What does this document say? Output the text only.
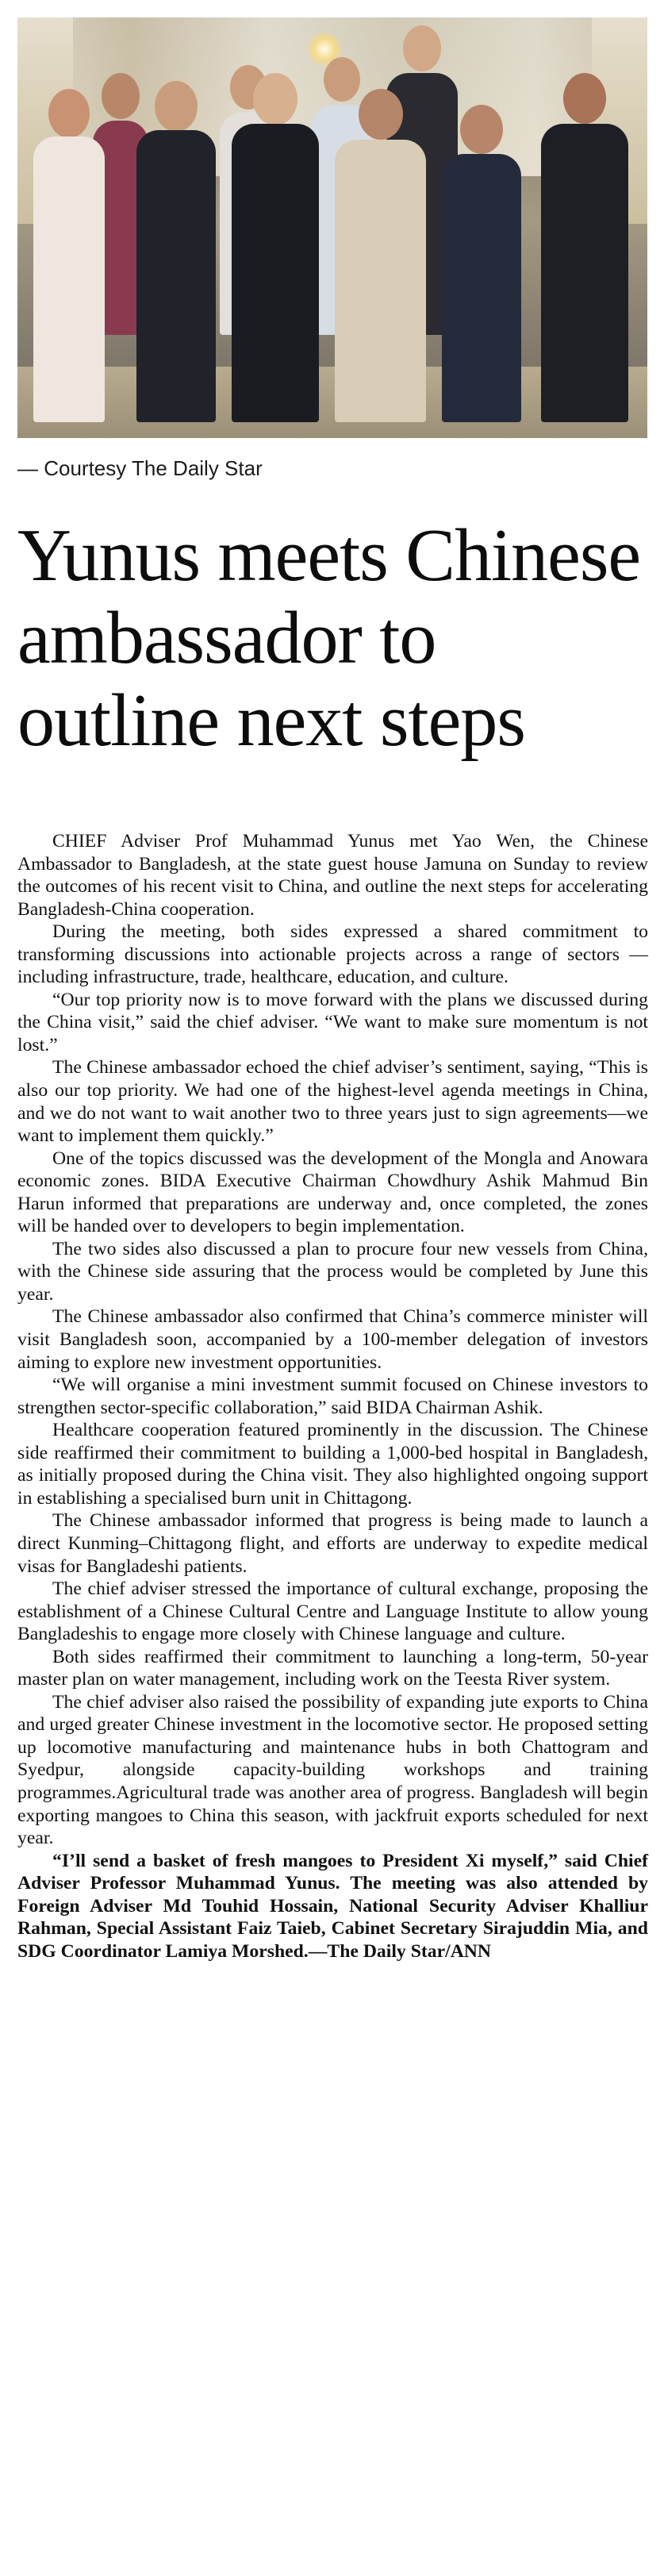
— Courtesy The Daily Star
Yunus meets Chinese ambassador to outline next steps

CHIEF Adviser Prof Muhammad Yunus met Yao Wen, the Chinese Ambassador to Bangladesh, at the state guest house Jamuna on Sunday to review the outcomes of his recent visit to China, and outline the next steps for accelerating Bangladesh-China cooperation.

During the meeting, both sides expressed a shared commitment to transforming discussions into actionable projects across a range of sectors — including infrastructure, trade, healthcare, education, and culture.

“Our top priority now is to move forward with the plans we discussed during the China visit,” said the chief adviser. “We want to make sure momentum is not lost.”

The Chinese ambassador echoed the chief adviser’s sentiment, saying, “This is also our top priority. We had one of the highest-level agenda meetings in China, and we do not want to wait another two to three years just to sign agreements—we want to implement them quickly.”

One of the topics discussed was the development of the Mongla and Anowara economic zones. BIDA Executive Chairman Chowdhury Ashik Mahmud Bin Harun informed that preparations are underway and, once completed, the zones will be handed over to developers to begin implementation.

The two sides also discussed a plan to procure four new vessels from China, with the Chinese side assuring that the process would be completed by June this year.

The Chinese ambassador also confirmed that China’s commerce minister will visit Bangladesh soon, accompanied by a 100-member delegation of investors aiming to explore new investment opportunities.

“We will organise a mini investment summit focused on Chinese investors to strengthen sector-specific collaboration,” said BIDA Chairman Ashik.

Healthcare cooperation featured prominently in the discussion. The Chinese side reaffirmed their commitment to building a 1,000-bed hospital in Bangladesh, as initially proposed during the China visit. They also highlighted ongoing support in establishing a specialised burn unit in Chittagong.

The Chinese ambassador informed that progress is being made to launch a direct Kunming–Chittagong flight, and efforts are underway to expedite medical visas for Bangladeshi patients.

The chief adviser stressed the importance of cultural exchange, proposing the establishment of a Chinese Cultural Centre and Language Institute to allow young Bangladeshis to engage more closely with Chinese language and culture.

Both sides reaffirmed their commitment to launching a long-term, 50-year master plan on water management, including work on the Teesta River system.

The chief adviser also raised the possibility of expanding jute exports to China and urged greater Chinese investment in the locomotive sector. He proposed setting up locomotive manufacturing and maintenance hubs in both Chattogram and Syedpur, alongside capacity-building workshops and training programmes.Agricultural trade was another area of progress. Bangladesh will begin exporting mangoes to China this season, with jackfruit exports scheduled for next year.

“I’ll send a basket of fresh mangoes to President Xi myself,” said Chief Adviser Professor Muhammad Yunus. The meeting was also attended by Foreign Adviser Md Touhid Hossain, National Security Adviser Khalliur Rahman, Special Assistant Faiz Taieb, Cabinet Secretary Sirajuddin Mia, and SDG Coordinator Lamiya Morshed.—The Daily Star/ANN
